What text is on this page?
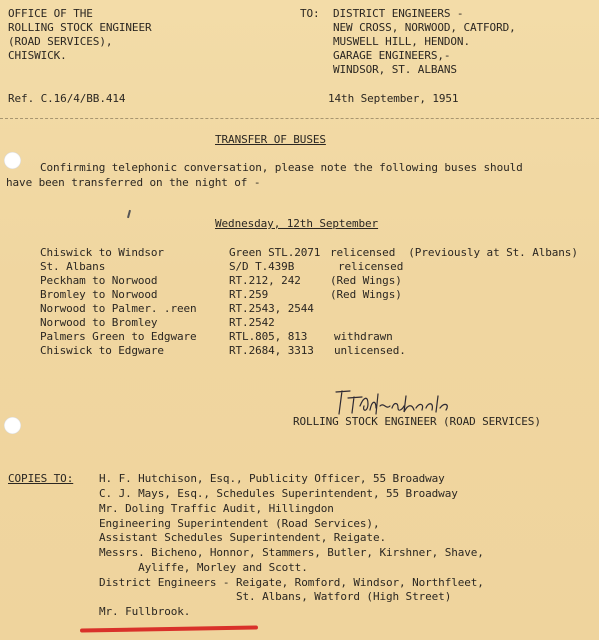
OFFICE OF THE
ROLLING STOCK ENGINEER
(ROAD SERVICES),
CHISWICK.
TO: DISTRICT ENGINEERS -
NEW CROSS, NORWOOD, CATFORD,
MUSWELL HILL, HENDON.
GARAGE ENGINEERS,-
WINDSOR, ST. ALBANS
Ref. C.16/4/BB.414	14th September, 1951
TRANSFER OF BUSES
Confirming telephonic conversation, please note the following buses should
have been transferred on the night of -
Wednesday, 12th September
Chiswick to Windsor	Green STL.2071 relicensed  (Previously at St. Albans)
St. Albans	S/D T.439B	relicensed
Peckham to Norwood	RT.212, 242	(Red Wings)
Bromley to Norwood	RT.259	(Red Wings)
Norwood to Palmer. .reen	RT.2543, 2544
Norwood to Bromley	RT.2542
Palmers Green to Edgware	RTL.805, 813 withdrawn
Chiswick to Edgware	RT.2684, 3313 unlicensed.
ROLLING STOCK ENGINEER (ROAD SERVICES)
COPIES TO: H. F. Hutchison, Esq., Publicity Officer, 55 Broadway
C. J. Mays, Esq., Schedules Superintendent, 55 Broadway
Mr. Doling Traffic Audit, Hillingdon
Engineering Superintendent (Road Services),
Assistant Schedules Superintendent, Reigate.
Messrs. Bicheno, Honnor, Stammers, Butler, Kirshner, Shave,
Ayliffe, Morley and Scott.
District Engineers - Reigate, Romford, Windsor, Northfleet,
St. Albans, Watford (High Street)
Mr. Fullbrook.
